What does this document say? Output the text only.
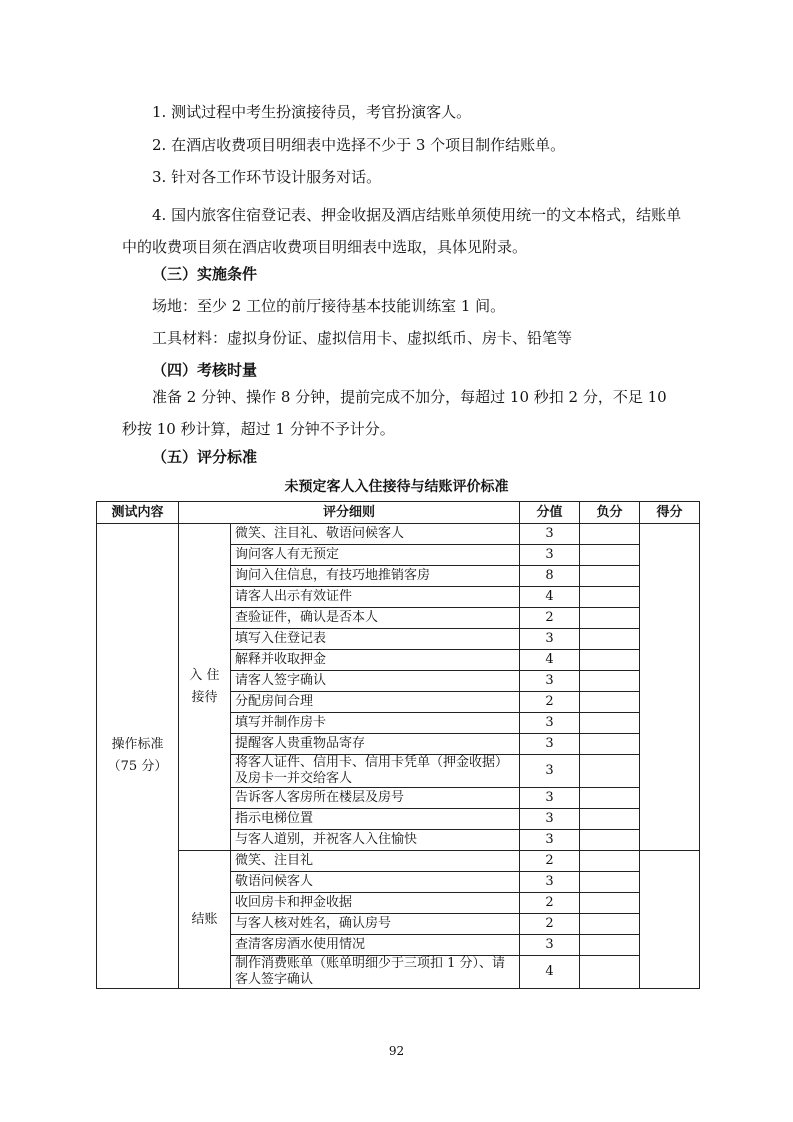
1. 测试过程中考生扮演接待员，考官扮演客人。

2. 在酒店收费项目明细表中选择不少于 3 个项目制作结账单。

3. 针对各工作环节设计服务对话。

4. 国内旅客住宿登记表、押金收据及酒店结账单须使用统一的文本格式，结账单中的收费项目须在酒店收费项目明细表中选取，具体见附录。

（三）实施条件

场地：至少 2 工位的前厅接待基本技能训练室 1 间。

工具材料：虚拟身份证、虚拟信用卡、虚拟纸币、房卡、铅笔等

（四）考核时量

准备 2 分钟、操作 8 分钟，提前完成不加分，每超过 10 秒扣 2 分，不足 10 秒按 10 秒计算，超过 1 分钟不予计分。

（五）评分标准

未预定客人入住接待与结账评价标准

测试内容	评分细则		分值	负分	得分
操作标准（75 分）	入 住接待	微笑、注目礼、敬语问候客人	3		
		询问客人有无预定	3		
		询问入住信息，有技巧地推销客房	8		
		请客人出示有效证件	4		
		查验证件，确认是否本人	2		
		填写入住登记表	3		
		解释并收取押金	4		
		请客人签字确认	3		
		分配房间合理	2		
		填写并制作房卡	3		
		提醒客人贵重物品寄存	3		
		将客人证件、信用卡、信用卡凭单（押金收据）及房卡一并交给客人	3		
		告诉客人客房所在楼层及房号	3		
		指示电梯位置	3		
		与客人道别，并祝客人入住愉快	3		
	结账	微笑、注目礼	2		
		敬语问候客人	3		
		收回房卡和押金收据	2		
		与客人核对姓名，确认房号	2		
		查清客房酒水使用情况	3		
		制作消费账单（账单明细少于三项扣 1 分）、请客人签字确认	4		

92
